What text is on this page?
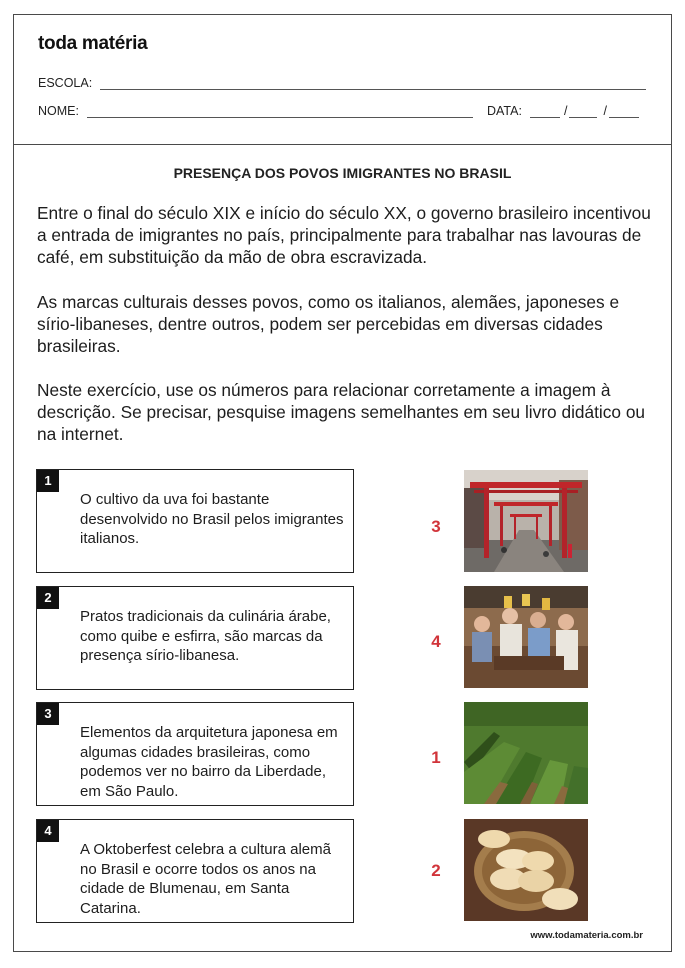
toda matéria
ESCOLA:
NOME:	DATA:	/	/
PRESENÇA DOS POVOS IMIGRANTES NO BRASIL

Entre o final do século XIX e início do século XX, o governo brasileiro incentivou a entrada de imigrantes no país, principalmente para trabalhar nas lavouras de café, em substituição da mão de obra escravizada.

As marcas culturais desses povos, como os italianos, alemães, japoneses e sírio-libaneses, dentre outros, podem ser percebidas em diversas cidades brasileiras.

Neste exercício, use os números para relacionar corretamente a imagem à descrição. Se precisar, pesquise imagens semelhantes em seu livro didático ou na internet.

1
O cultivo da uva foi bastante desenvolvido no Brasil pelos imigrantes italianos.
2
Pratos tradicionais da culinária árabe, como quibe e esfirra, são marcas da presença sírio-libanesa.
3
Elementos da arquitetura japonesa em algumas cidades brasileiras, como podemos ver no bairro da Liberdade, em São Paulo.
4
A Oktoberfest celebra a cultura alemã no Brasil e ocorre todos os anos na cidade de Blumenau, em Santa Catarina.
3
4
1
2
www.todamateria.com.br
